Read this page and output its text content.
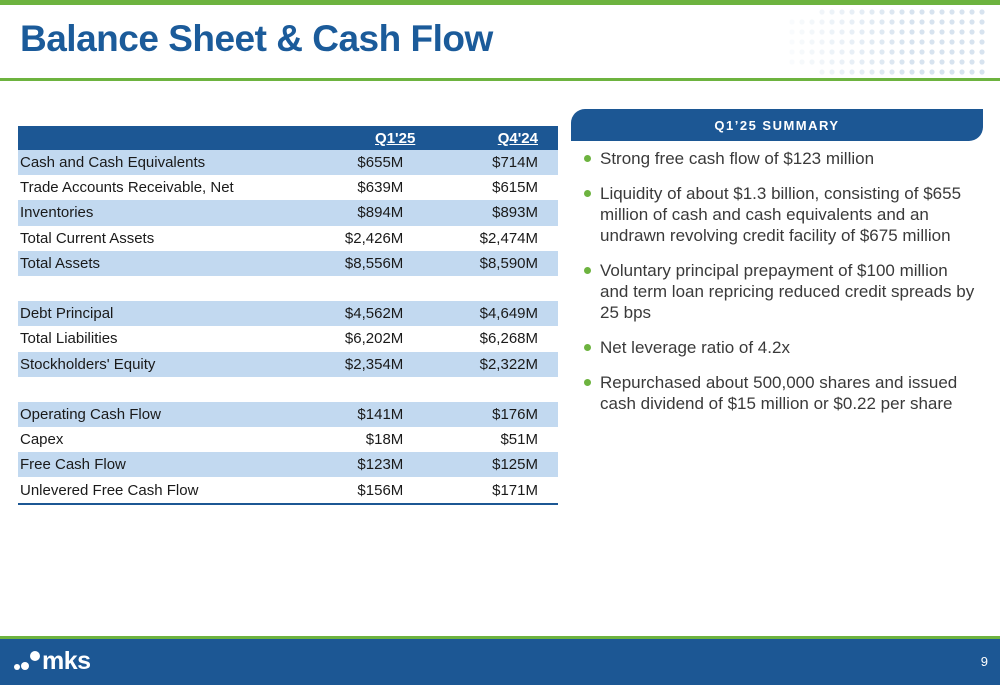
Balance Sheet & Cash Flow
	Q1'25	Q4'24
Cash and Cash Equivalents	$655M	$714M
Trade Accounts Receivable, Net	$639M	$615M
Inventories	$894M	$893M
Total Current Assets	$2,426M	$2,474M
Total Assets	$8,556M	$8,590M

Debt Principal	$4,562M	$4,649M
Total Liabilities	$6,202M	$6,268M
Stockholders' Equity	$2,354M	$2,322M

Operating Cash Flow	$141M	$176M
Capex	$18M	$51M
Free Cash Flow	$123M	$125M
Unlevered Free Cash Flow	$156M	$171M
Q1’25 SUMMARY
Strong free cash flow of $123 million
Liquidity of about $1.3 billion, consisting of $655 million of cash and cash equivalents and an undrawn revolving credit facility of $675 million
Voluntary principal prepayment of $100 million and term loan repricing reduced credit spreads by 25 bps
Net leverage ratio of 4.2x
Repurchased about 500,000 shares and issued cash dividend of $15 million or $0.22 per share
mks	9
